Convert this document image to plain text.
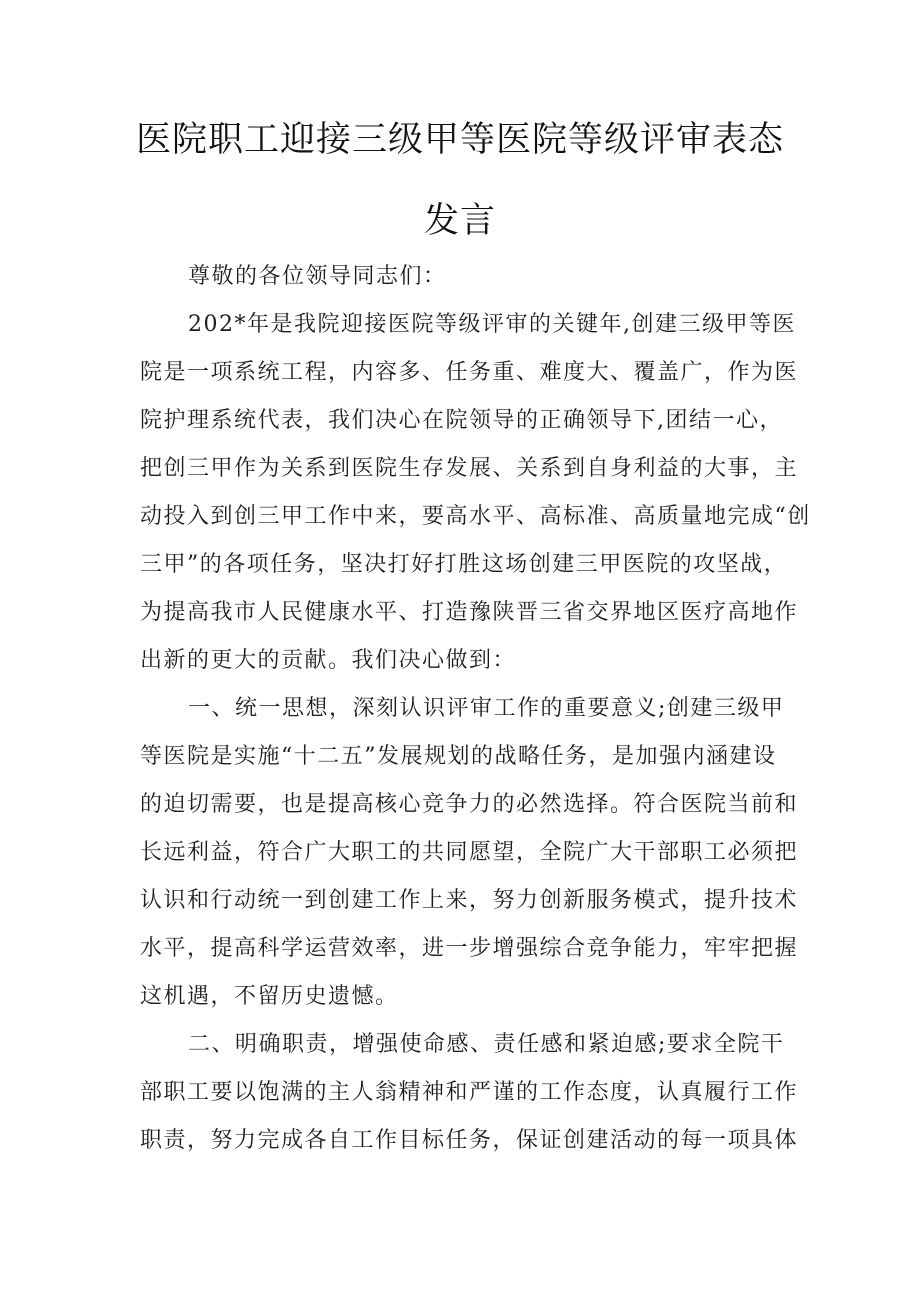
医院职工迎接三级甲等医院等级评审表态
发言
尊敬的各位领导同志们：
202*年是我院迎接医院等级评审的关键年,创建三级甲等医
院是一项系统工程，内容多、任务重、难度大、覆盖广，作为医
院护理系统代表，我们决心在院领导的正确领导下,团结一心，
把创三甲作为关系到医院生存发展、关系到自身利益的大事，主
动投入到创三甲工作中来，要高水平、高标准、高质量地完成“创
三甲”的各项任务，坚决打好打胜这场创建三甲医院的攻坚战，
为提高我市人民健康水平、打造豫陕晋三省交界地区医疗高地作
出新的更大的贡献。我们决心做到：
一、统一思想，深刻认识评审工作的重要意义;创建三级甲
等医院是实施“十二五”发展规划的战略任务，是加强内涵建设
的迫切需要，也是提高核心竞争力的必然选择。符合医院当前和
长远利益，符合广大职工的共同愿望，全院广大干部职工必须把
认识和行动统一到创建工作上来，努力创新服务模式，提升技术
水平，提高科学运营效率，进一步增强综合竞争能力，牢牢把握
这机遇，不留历史遗憾。
二、明确职责，增强使命感、责任感和紧迫感;要求全院干
部职工要以饱满的主人翁精神和严谨的工作态度，认真履行工作
职责，努力完成各自工作目标任务，保证创建活动的每一项具体
